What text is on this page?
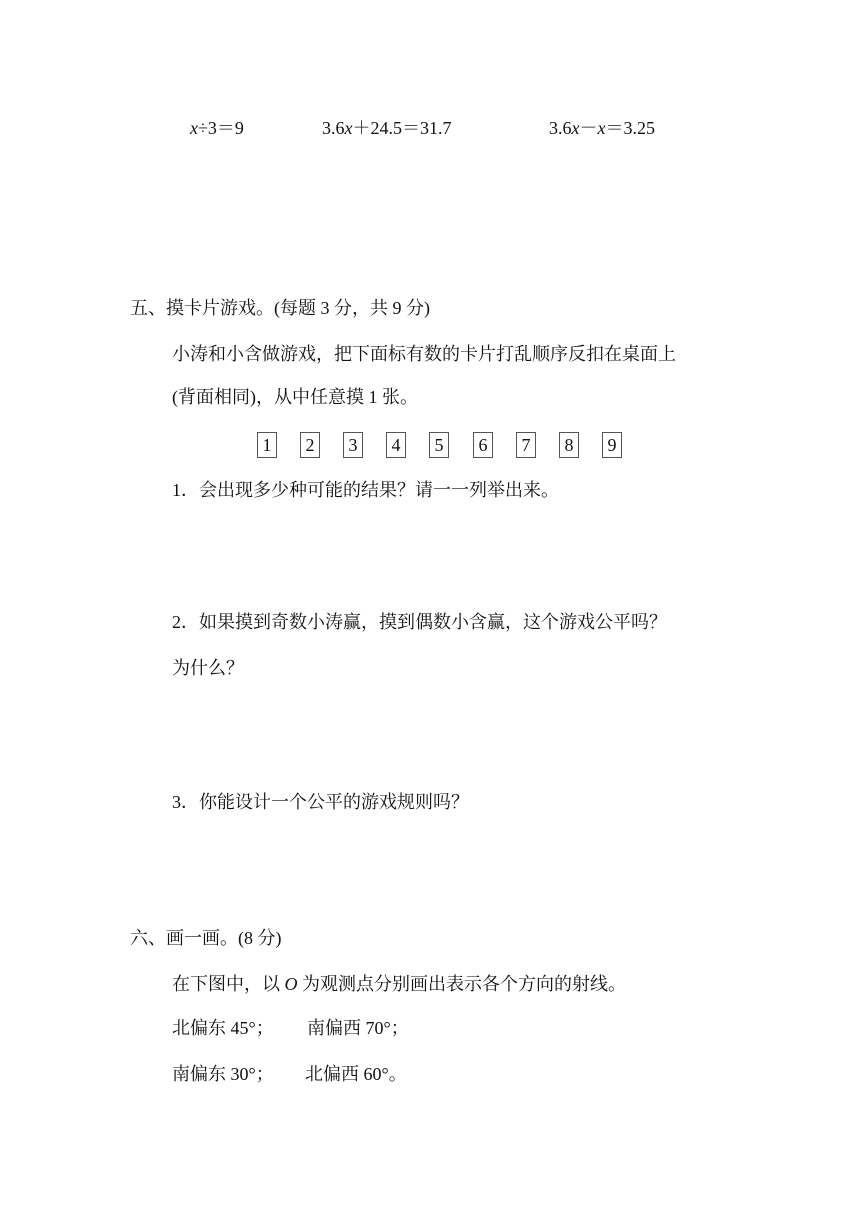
x÷3＝9	3.6x＋24.5＝31.7	3.6x－x＝3.25
五、摸卡片游戏。(每题 3 分，共 9 分)
小涛和小含做游戏，把下面标有数的卡片打乱顺序反扣在桌面上
(背面相同)，从中任意摸 1 张。
1	2	3	4	5	6	7	8	9
1．会出现多少种可能的结果？请一一列举出来。
2．如果摸到奇数小涛赢，摸到偶数小含赢，这个游戏公平吗？
为什么？
3．你能设计一个公平的游戏规则吗？
六、画一画。(8 分)
在下图中，以 O 为观测点分别画出表示各个方向的射线。
北偏东 45°； 南偏西 70°；
南偏东 30°； 北偏西 60°。
